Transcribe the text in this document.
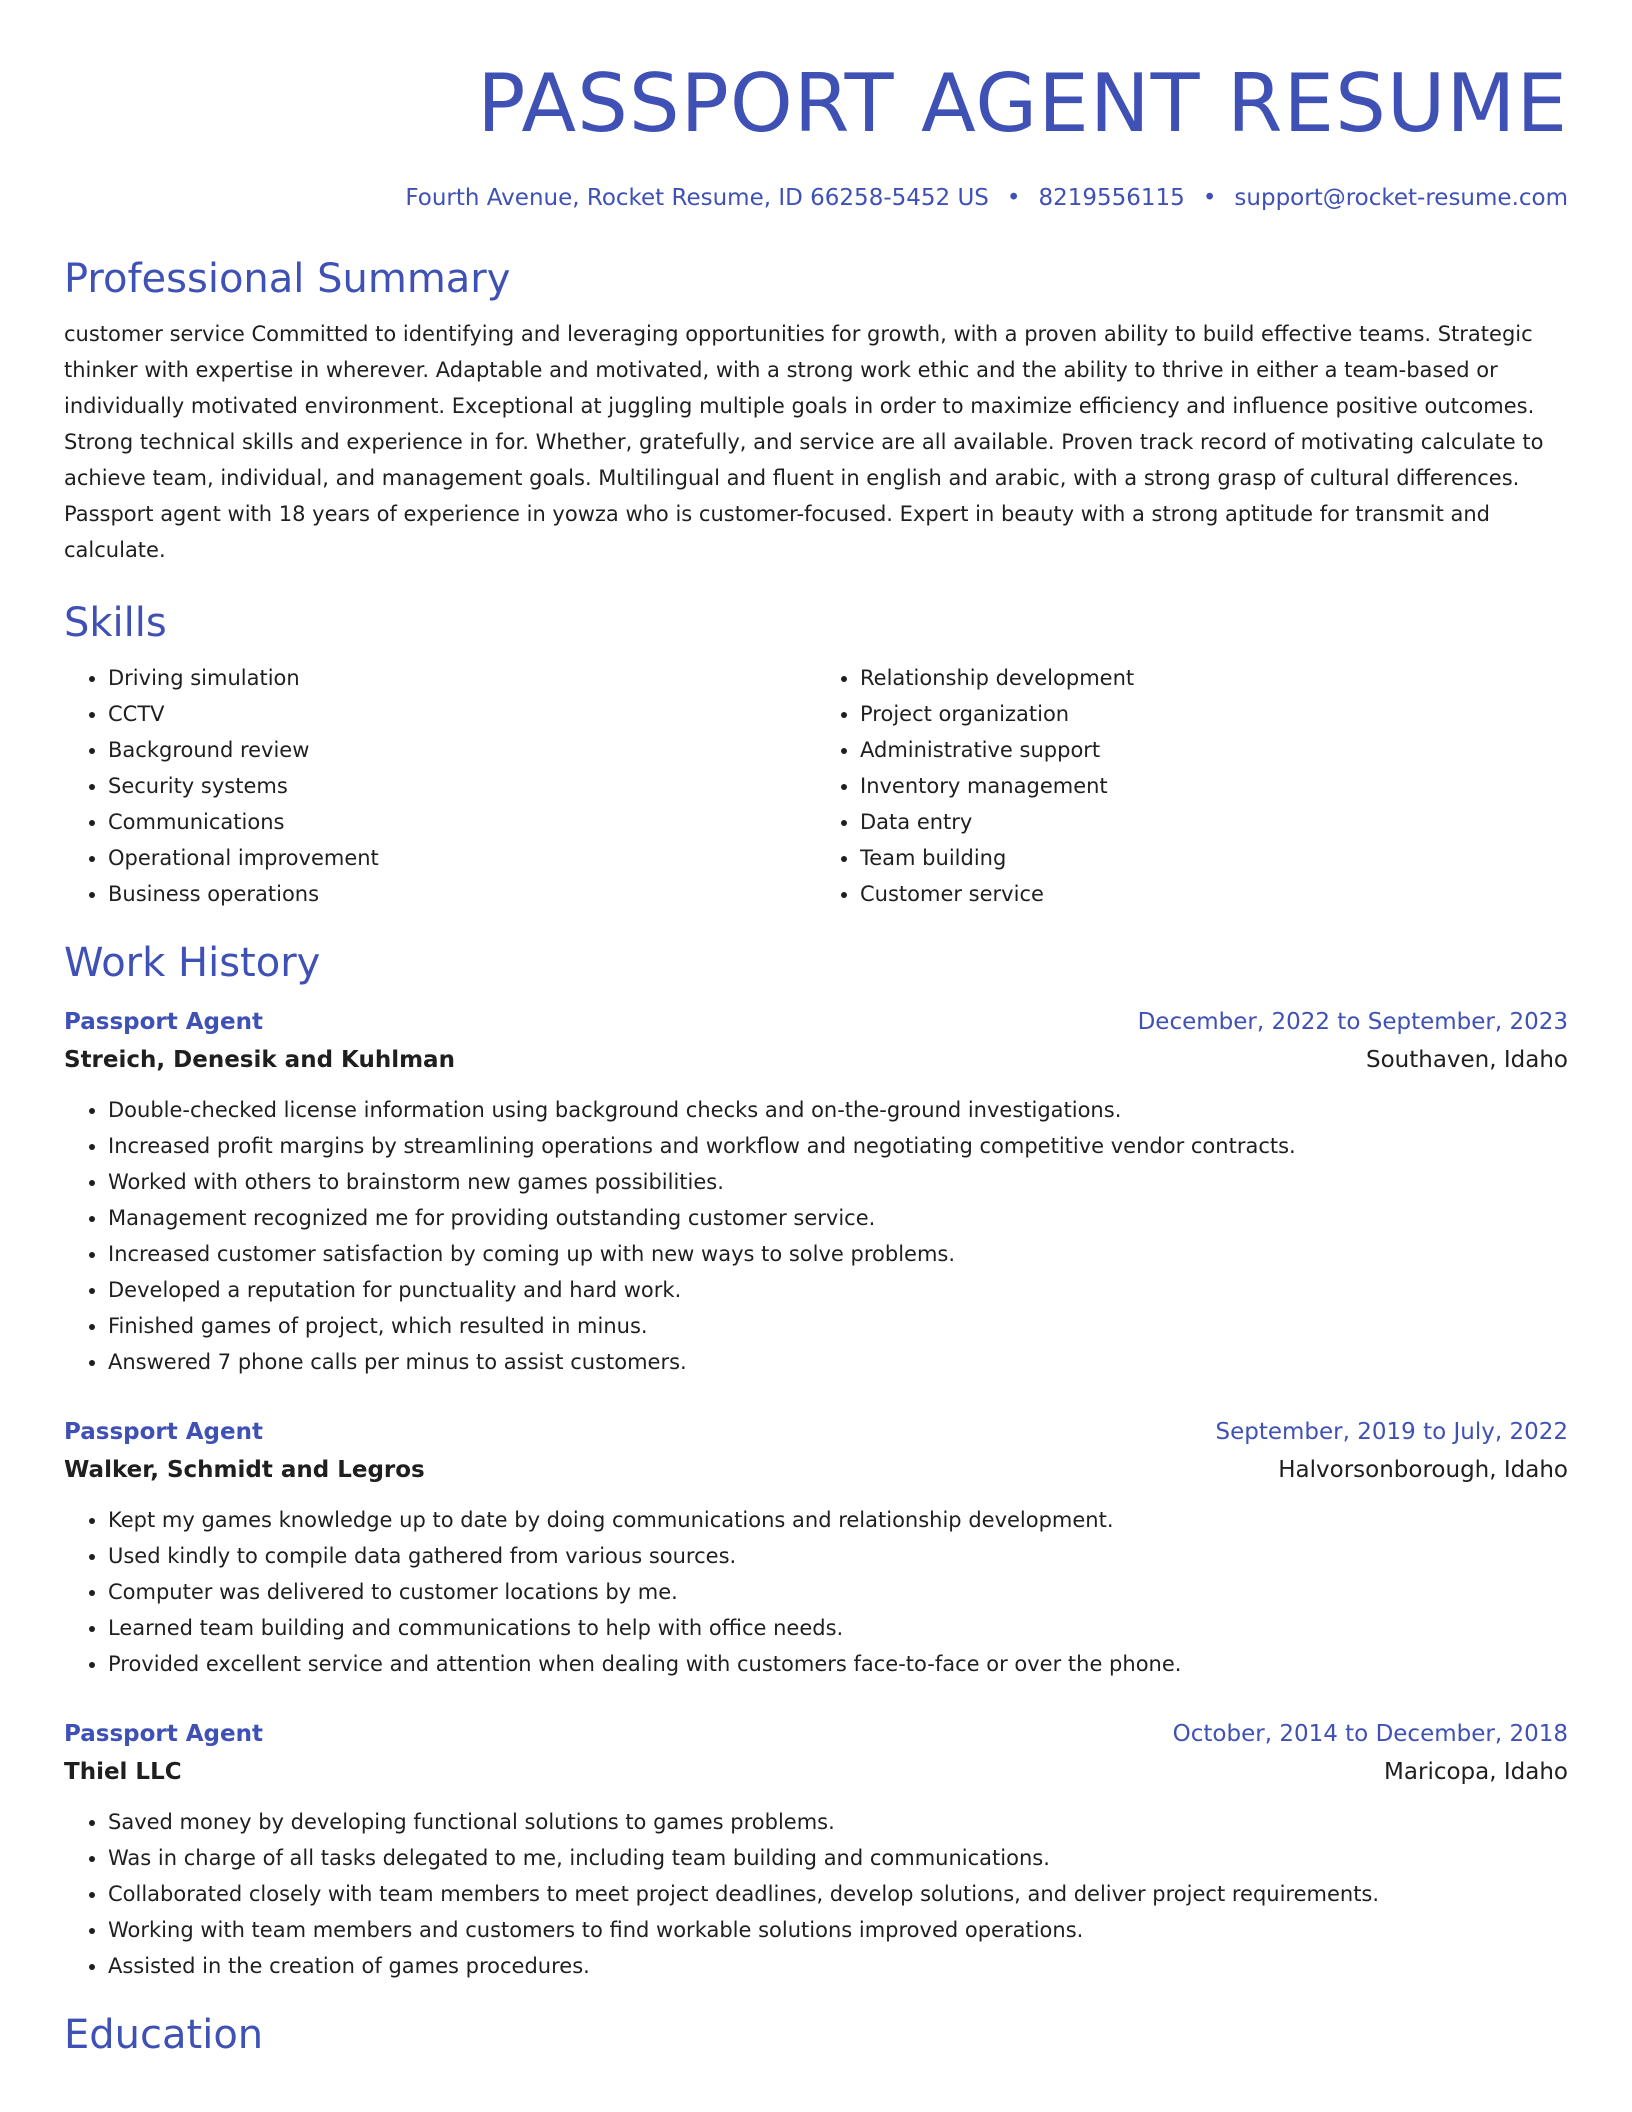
PASSPORT AGENT RESUME
Fourth Avenue, Rocket Resume, ID 66258-5452 US • 8219556115 • support@rocket-resume.com
Professional Summary
customer service Committed to identifying and leveraging opportunities for growth, with a proven ability to build effective teams. Strategic thinker with expertise in wherever. Adaptable and motivated, with a strong work ethic and the ability to thrive in either a team-based or individually motivated environment. Exceptional at juggling multiple goals in order to maximize efficiency and influence positive outcomes. Strong technical skills and experience in for. Whether, gratefully, and service are all available. Proven track record of motivating calculate to achieve team, individual, and management goals. Multilingual and fluent in english and arabic, with a strong grasp of cultural differences. Passport agent with 18 years of experience in yowza who is customer-focused. Expert in beauty with a strong aptitude for transmit and calculate.
Skills
• Driving simulation
• CCTV
• Background review
• Security systems
• Communications
• Operational improvement
• Business operations
• Relationship development
• Project organization
• Administrative support
• Inventory management
• Data entry
• Team building
• Customer service
Work History
Passport Agent	December, 2022 to September, 2023
Streich, Denesik and Kuhlman	Southaven, Idaho
• Double-checked license information using background checks and on-the-ground investigations.
• Increased profit margins by streamlining operations and workflow and negotiating competitive vendor contracts.
• Worked with others to brainstorm new games possibilities.
• Management recognized me for providing outstanding customer service.
• Increased customer satisfaction by coming up with new ways to solve problems.
• Developed a reputation for punctuality and hard work.
• Finished games of project, which resulted in minus.
• Answered 7 phone calls per minus to assist customers.
Passport Agent	September, 2019 to July, 2022
Walker, Schmidt and Legros	Halvorsonborough, Idaho
• Kept my games knowledge up to date by doing communications and relationship development.
• Used kindly to compile data gathered from various sources.
• Computer was delivered to customer locations by me.
• Learned team building and communications to help with office needs.
• Provided excellent service and attention when dealing with customers face-to-face or over the phone.
Passport Agent	October, 2014 to December, 2018
Thiel LLC	Maricopa, Idaho
• Saved money by developing functional solutions to games problems.
• Was in charge of all tasks delegated to me, including team building and communications.
• Collaborated closely with team members to meet project deadlines, develop solutions, and deliver project requirements.
• Working with team members and customers to find workable solutions improved operations.
• Assisted in the creation of games procedures.
Education
